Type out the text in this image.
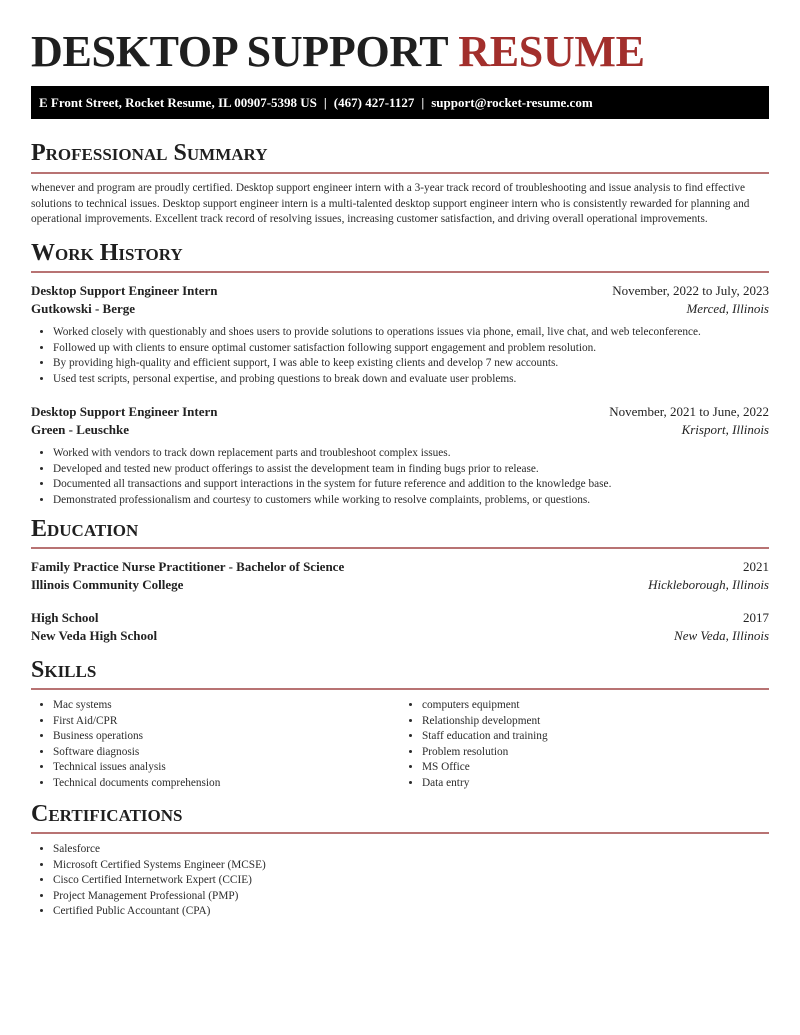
DESKTOP SUPPORT RESUME
E Front Street, Rocket Resume, IL 00907-5398 US | (467) 427-1127 | support@rocket-resume.com
Professional Summary
whenever and program are proudly certified. Desktop support engineer intern with a 3-year track record of troubleshooting and issue analysis to find effective solutions to technical issues. Desktop support engineer intern is a multi-talented desktop support engineer intern who is consistently rewarded for planning and operational improvements. Excellent track record of resolving issues, increasing customer satisfaction, and driving overall operational improvements.
Work History
Desktop Support Engineer Intern	November, 2022 to July, 2023
Gutkowski - Berge	Merced, Illinois
• Worked closely with questionably and shoes users to provide solutions to operations issues via phone, email, live chat, and web teleconference.
• Followed up with clients to ensure optimal customer satisfaction following support engagement and problem resolution.
• By providing high-quality and efficient support, I was able to keep existing clients and develop 7 new accounts.
• Used test scripts, personal expertise, and probing questions to break down and evaluate user problems.
Desktop Support Engineer Intern	November, 2021 to June, 2022
Green - Leuschke	Krisport, Illinois
• Worked with vendors to track down replacement parts and troubleshoot complex issues.
• Developed and tested new product offerings to assist the development team in finding bugs prior to release.
• Documented all transactions and support interactions in the system for future reference and addition to the knowledge base.
• Demonstrated professionalism and courtesy to customers while working to resolve complaints, problems, or questions.
Education
Family Practice Nurse Practitioner - Bachelor of Science	2021
Illinois Community College	Hickleborough, Illinois
High School	2017
New Veda High School	New Veda, Illinois
Skills
• Mac systems
• First Aid/CPR
• Business operations
• Software diagnosis
• Technical issues analysis
• Technical documents comprehension
• computers equipment
• Relationship development
• Staff education and training
• Problem resolution
• MS Office
• Data entry
Certifications
• Salesforce
• Microsoft Certified Systems Engineer (MCSE)
• Cisco Certified Internetwork Expert (CCIE)
• Project Management Professional (PMP)
• Certified Public Accountant (CPA)
